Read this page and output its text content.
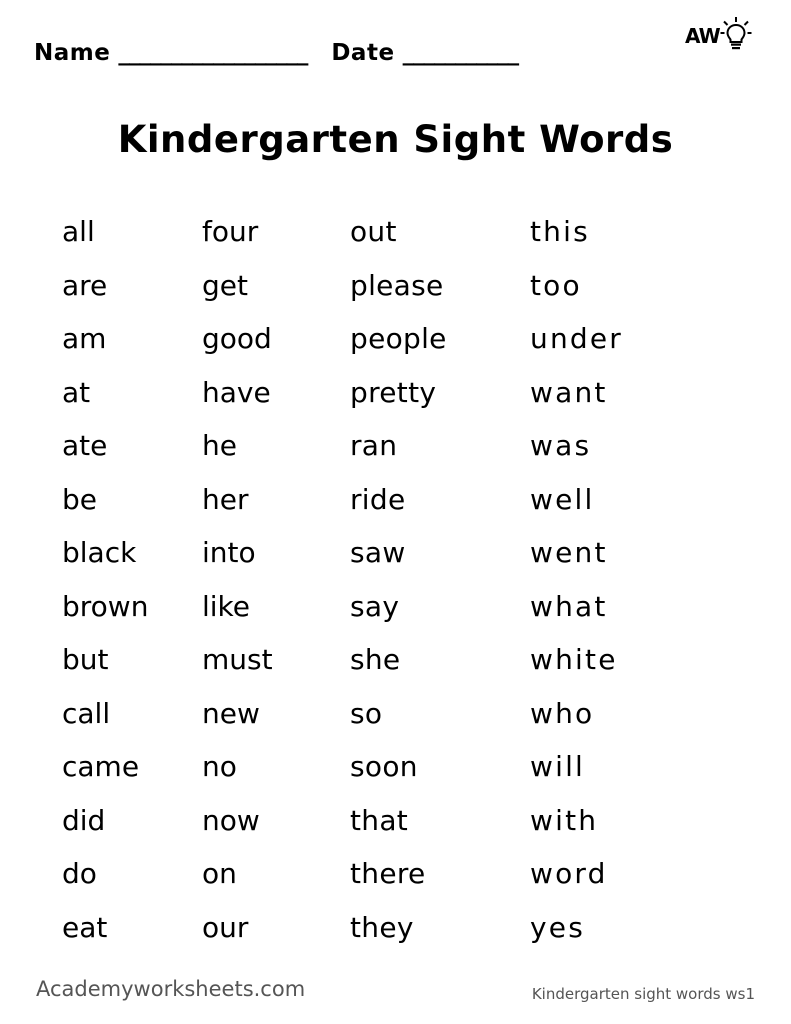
Name __________________ Date ___________
AW
Kindergarten Sight Words
all
are
am
at
ate
be
black
brown
but
call
came
did
do
eat
four
get
good
have
he
her
into
like
must
new
no
now
on
our
out
please
people
pretty
ran
ride
saw
say
she
so
soon
that
there
they
this
too
under
want
was
well
went
what
white
who
will
with
word
yes
Academyworksheets.com	Kindergarten sight words ws1
